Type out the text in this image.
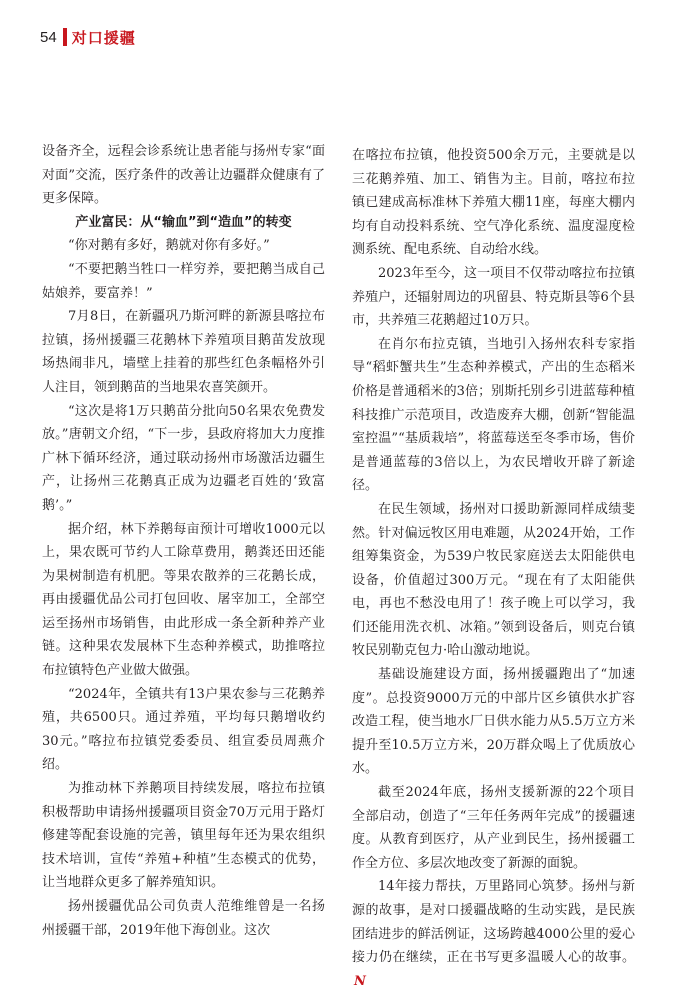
54 对口援疆

设备齐全，远程会诊系统让患者能与扬州专家“面对面”交流，医疗条件的改善让边疆群众健康有了更多保障。

产业富民：从“输血”到“造血”的转变

“你对鹅有多好，鹅就对你有多好。”

“不要把鹅当牲口一样穷养，要把鹅当成自己姑娘养，要富养！”

7月8日，在新疆巩乃斯河畔的新源县喀拉布拉镇，扬州援疆三花鹅林下养殖项目鹅苗发放现场热闹非凡，墙壁上挂着的那些红色条幅格外引人注目，领到鹅苗的当地果农喜笑颜开。

“这次是将1万只鹅苗分批向50名果农免费发放。”唐朝文介绍，“下一步，县政府将加大力度推广林下循环经济，通过联动扬州市场激活边疆生产，让扬州三花鹅真正成为边疆老百姓的‘致富鹅’。”

据介绍，林下养鹅每亩预计可增收1000元以上，果农既可节约人工除草费用，鹅粪还田还能为果树制造有机肥。等果农散养的三花鹅长成，再由援疆优品公司打包回收、屠宰加工，全部空运至扬州市场销售，由此形成一条全新种养产业链。这种果农发展林下生态种养模式，助推喀拉布拉镇特色产业做大做强。

“2024年，全镇共有13户果农参与三花鹅养殖，共6500只。通过养殖，平均每只鹅增收约30元。”喀拉布拉镇党委委员、组宣委员周燕介绍。

为推动林下养鹅项目持续发展，喀拉布拉镇积极帮助申请扬州援疆项目资金70万元用于路灯修建等配套设施的完善，镇里每年还为果农组织技术培训，宣传“养殖+种植”生态模式的优势，让当地群众更多了解养殖知识。

扬州援疆优品公司负责人范维维曾是一名扬州援疆干部，2019年他下海创业。这次

在喀拉布拉镇，他投资500余万元，主要就是以三花鹅养殖、加工、销售为主。目前，喀拉布拉镇已建成高标准林下养殖大棚11座，每座大棚内均有自动投料系统、空气净化系统、温度湿度检测系统、配电系统、自动给水线。

2023年至今，这一项目不仅带动喀拉布拉镇养殖户，还辐射周边的巩留县、特克斯县等6个县市，共养殖三花鹅超过10万只。

在肖尔布拉克镇，当地引入扬州农科专家指导“稻虾蟹共生”生态种养模式，产出的生态稻米价格是普通稻米的3倍；别斯托别乡引进蓝莓种植科技推广示范项目，改造废弃大棚，创新“智能温室控温”“基质栽培”，将蓝莓送至冬季市场，售价是普通蓝莓的3倍以上，为农民增收开辟了新途径。

在民生领域，扬州对口援助新源同样成绩斐然。针对偏远牧区用电难题，从2024开始，工作组筹集资金，为539户牧民家庭送去太阳能供电设备，价值超过300万元。“现在有了太阳能供电，再也不愁没电用了！孩子晚上可以学习，我们还能用洗衣机、冰箱。”领到设备后，则克台镇牧民别勒克包力·哈山激动地说。

基础设施建设方面，扬州援疆跑出了“加速度”。总投资9000万元的中部片区乡镇供水扩容改造工程，使当地水厂日供水能力从5.5万立方米提升至10.5万立方米，20万群众喝上了优质放心水。

截至2024年底，扬州支援新源的22个项目全部启动，创造了“三年任务两年完成”的援疆速度。从教育到医疗，从产业到民生，扬州援疆工作全方位、多层次地改变了新源的面貌。

14年接力帮扶，万里路同心筑梦。扬州与新源的故事，是对口援疆战略的生动实践，是民族团结进步的鲜活例证，这场跨越4000公里的爱心接力仍在继续，正在书写更多温暖人心的故事。N
